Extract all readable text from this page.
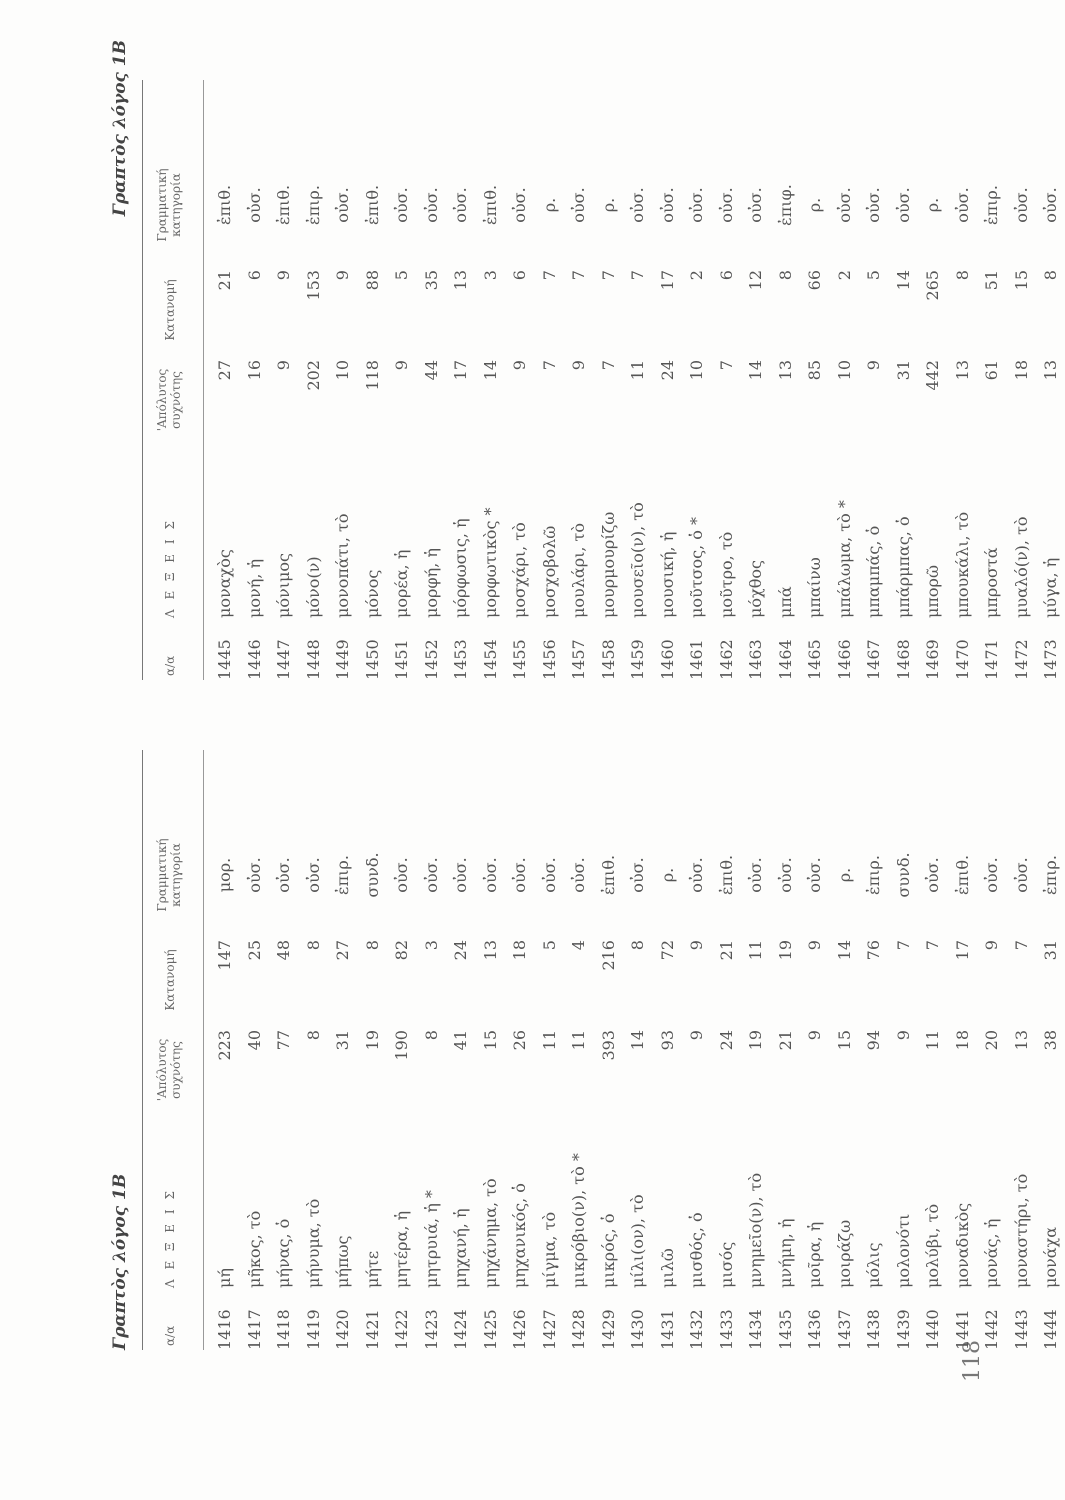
118
Γραπτὸς λόγος 1Β	α/α
Λ Ε Ξ Ε Ι Σ
'Απόλυτος
συχνότης
Κατανομή
Γραμματική
κατηγορία
1416
μή
223
147
μορ.
1417
μῆκος, τὸ
40
25
οὐσ.
1418
μήνας, ὁ
77
48
οὐσ.
1419
μήνυμα, τὸ
8
8
οὐσ.
1420
μήπως
31
27
ἐπιρ.
1421
μήτε
19
8
συνδ.
1422
μητέρα, ἡ
190
82
οὐσ.
1423
μητρυιά, ἡ *
8
3
οὐσ.
1424
μηχανή, ἡ
41
24
οὐσ.
1425
μηχάνημα, τὸ
15
13
οὐσ.
1426
μηχανικός, ὁ
26
18
οὐσ.
1427
μίγμα, τὸ
11
5
οὐσ.
1428
μικρόβιο(ν), τὸ *
11
4
οὐσ.
1429
μικρός, ὁ
393
216
ἐπιθ.
1430
μίλι(ον), τὸ
14
8
οὐσ.
1431
μιλῶ
93
72
ρ.
1432
μισθός, ὁ
9
9
οὐσ.
1433
μισός
24
21
ἐπιθ.
1434
μνημεῖο(ν), τὸ
19
11
οὐσ.
1435
μνήμη, ἡ
21
19
οὐσ.
1436
μοῖρα, ἡ
9
9
οὐσ.
1437
μοιράζω
15
14
ρ.
1438
μόλις
94
76
ἐπιρ.
1439
μολονότι
9
7
συνδ.
1440
μολύβι, τὸ
11
7
οὐσ.
1441
μοναδικὸς
18
17
ἐπιθ.
1442
μονάς, ἡ
20
9
οὐσ.
1443
μοναστήρι, τὸ
13
7
οὐσ.
1444
μονάχα
38
31
ἐπιρ.
Γραπτὸς λόγος 1Β
α/α
Λ Ε Ξ Ε Ι Σ
'Απόλυτος
συχνότης
Κατανομή
Γραμματική
κατηγορία
1445
μοναχὸς
27
21
ἐπιθ.
1446
μονή, ἡ
16
6
οὐσ.
1447
μόνιμος
9
9
ἐπιθ.
1448
μόνο(ν)
202
153
ἐπιρ.
1449
μονοπάτι, τὸ
10
9
οὐσ.
1450
μόνος
118
88
ἐπιθ.
1451
μορέα, ἡ
9
5
οὐσ.
1452
μορφή, ἡ
44
35
οὐσ.
1453
μόρφωσις, ἡ
17
13
οὐσ.
1454
μορφωτικὸς *
14
3
ἐπιθ.
1455
μοσχάρι, τὸ
9
6
οὐσ.
1456
μοσχοβολῶ
7
7
ρ.
1457
μουλάρι, τὸ
9
7
οὐσ.
1458
μουρμουρίζω
7
7
ρ.
1459
μουσεῖο(ν), τὸ
11
7
οὐσ.
1460
μουσική, ἡ
24
17
οὐσ.
1461
μοῦτσος, ὁ *
10
2
οὐσ.
1462
μοῦτρο, τὸ
7
6
οὐσ.
1463
μόχθος
14
12
οὐσ.
1464
μπά
13
8
ἐπιφ.
1465
μπαίνω
85
66
ρ.
1466
μπάλωμα, τὸ *
10
2
οὐσ.
1467
μπαμπάς, ὁ
9
5
οὐσ.
1468
μπάρμπας, ὁ
31
14
οὐσ.
1469
μπορῶ
442
265
ρ.
1470
μπουκάλι, τὸ
13
8
οὐσ.
1471
μπροστά
61
51
ἐπιρ.
1472
μυαλό(ν), τὸ
18
15
οὐσ.
1473
μύγα, ἡ
13
8
οὐσ.
